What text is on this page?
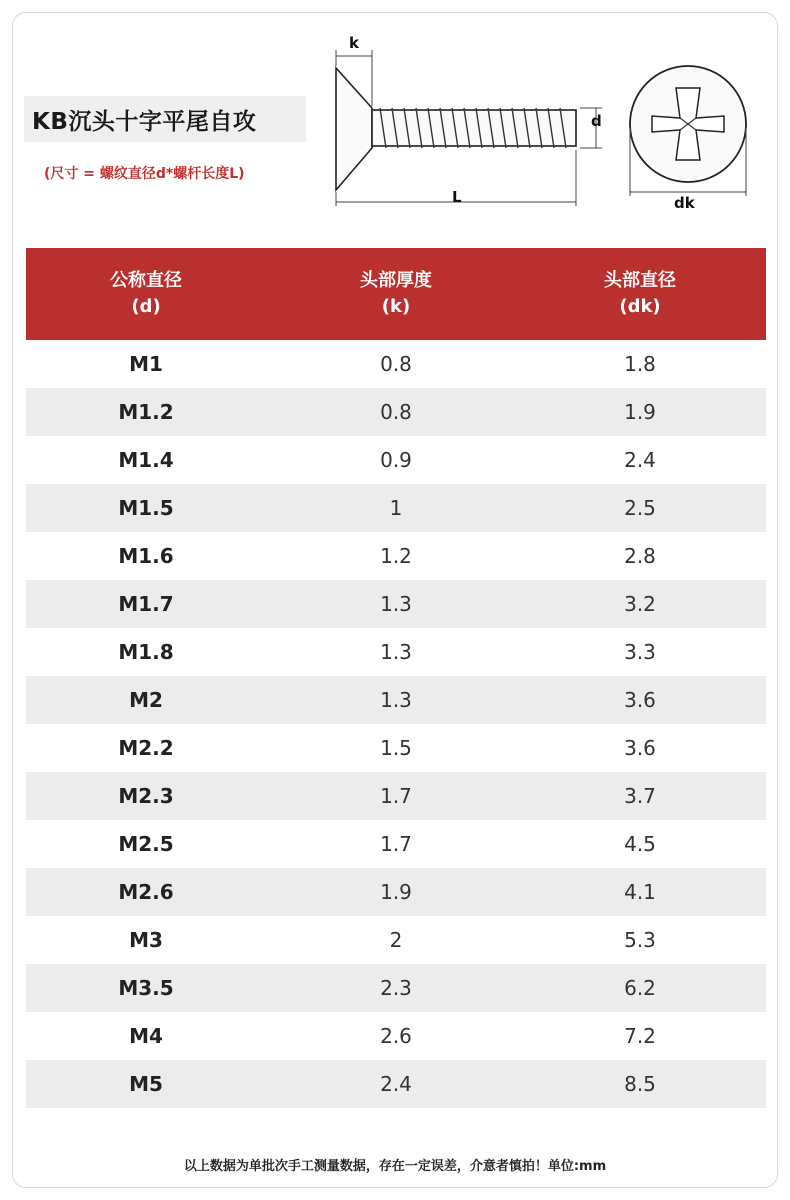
KB沉头十字平尾自攻
(尺寸 = 螺纹直径d*螺杆长度L)
k
d
L	dk
公称直径
(d)
头部厚度
(k)
头部直径
(dk)
M1	0.8	1.8
M1.2	0.8	1.9
M1.4	0.9	2.4
M1.5	1	2.5
M1.6	1.2	2.8
M1.7	1.3	3.2
M1.8	1.3	3.3
M2	1.3	3.6
M2.2	1.5	3.6
M2.3	1.7	3.7
M2.5	1.7	4.5
M2.6	1.9	4.1
M3	2	5.3
M3.5	2.3	6.2
M4	2.6	7.2
M5	2.4	8.5
以上数据为单批次手工测量数据，存在一定误差，介意者慎拍！单位:mm
